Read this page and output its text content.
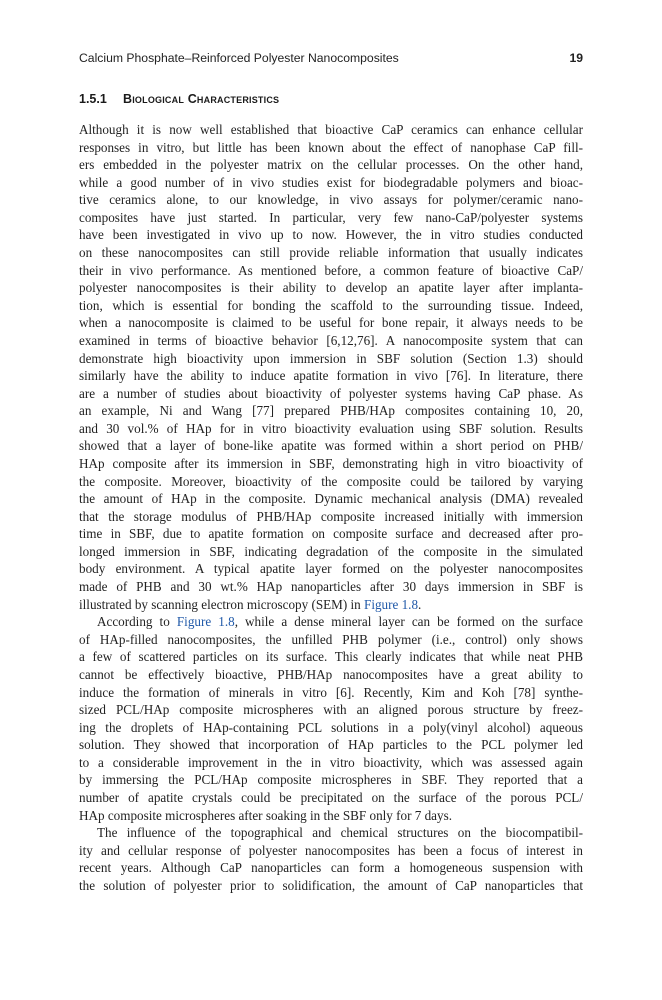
Calcium Phosphate–Reinforced Polyester Nanocomposites	19
1.5.1 Biological Characteristics
Although it is now well established that bioactive CaP ceramics can enhance cellular
responses in vitro, but little has been known about the effect of nanophase CaP fill-
ers embedded in the polyester matrix on the cellular processes. On the other hand,
while a good number of in vivo studies exist for biodegradable polymers and bioac-
tive ceramics alone, to our knowledge, in vivo assays for polymer/ceramic nano-
composites have just started. In particular, very few nano-CaP/polyester systems
have been investigated in vivo up to now. However, the in vitro studies conducted
on these nanocomposites can still provide reliable information that usually indicates
their in vivo performance. As mentioned before, a common feature of bioactive CaP/
polyester nanocomposites is their ability to develop an apatite layer after implanta-
tion, which is essential for bonding the scaffold to the surrounding tissue. Indeed,
when a nanocomposite is claimed to be useful for bone repair, it always needs to be
examined in terms of bioactive behavior [6,12,76]. A nanocomposite system that can
demonstrate high bioactivity upon immersion in SBF solution (Section 1.3) should
similarly have the ability to induce apatite formation in vivo [76]. In literature, there
are a number of studies about bioactivity of polyester systems having CaP phase. As
an example, Ni and Wang [77] prepared PHB/HAp composites containing 10, 20,
and 30 vol.% of HAp for in vitro bioactivity evaluation using SBF solution. Results
showed that a layer of bone-like apatite was formed within a short period on PHB/
HAp composite after its immersion in SBF, demonstrating high in vitro bioactivity of
the composite. Moreover, bioactivity of the composite could be tailored by varying
the amount of HAp in the composite. Dynamic mechanical analysis (DMA) revealed
that the storage modulus of PHB/HAp composite increased initially with immersion
time in SBF, due to apatite formation on composite surface and decreased after pro-
longed immersion in SBF, indicating degradation of the composite in the simulated
body environment. A typical apatite layer formed on the polyester nanocomposites
made of PHB and 30 wt.% HAp nanoparticles after 30 days immersion in SBF is
illustrated by scanning electron microscopy (SEM) in Figure 1.8.
According to Figure 1.8, while a dense mineral layer can be formed on the surface
of HAp-filled nanocomposites, the unfilled PHB polymer (i.e., control) only shows
a few of scattered particles on its surface. This clearly indicates that while neat PHB
cannot be effectively bioactive, PHB/HAp nanocomposites have a great ability to
induce the formation of minerals in vitro [6]. Recently, Kim and Koh [78] synthe-
sized PCL/HAp composite microspheres with an aligned porous structure by freez-
ing the droplets of HAp-containing PCL solutions in a poly(vinyl alcohol) aqueous
solution. They showed that incorporation of HAp particles to the PCL polymer led
to a considerable improvement in the in vitro bioactivity, which was assessed again
by immersing the PCL/HAp composite microspheres in SBF. They reported that a
number of apatite crystals could be precipitated on the surface of the porous PCL/
HAp composite microspheres after soaking in the SBF only for 7 days.
The influence of the topographical and chemical structures on the biocompatibil-
ity and cellular response of polyester nanocomposites has been a focus of interest in
recent years. Although CaP nanoparticles can form a homogeneous suspension with
the solution of polyester prior to solidification, the amount of CaP nanoparticles that
